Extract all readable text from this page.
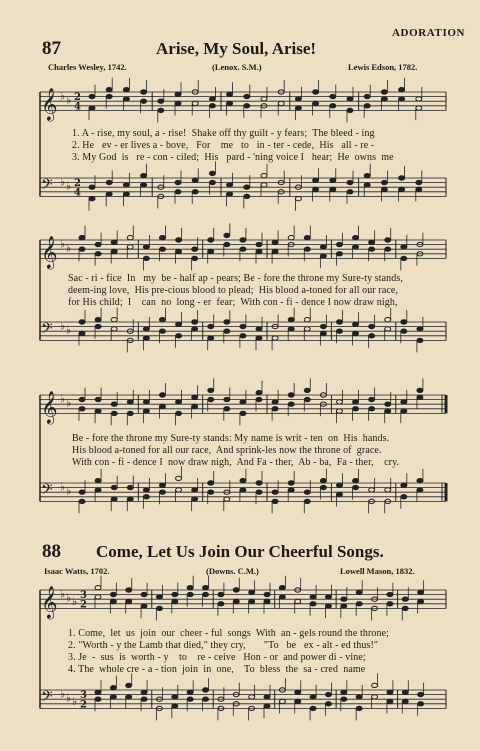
ADORATION
87	Arise, My Soul, Arise!
Charles Wesley, 1742.	(Lenox. S.M.)	Lewis Edson, 1782.
1. A - rise, my soul, a - rise!  Shake off thy guilt - y fears;  The bleed - ing
2. He   ev - er lives a - bove,   For    me   to   in - ter - cede,  His   all - re -
3. My God  is   re - con - ciled;  His   pard - 'ning voice I   hear;  He  owns  me
Sac - ri - fice  In   my  be - half ap - pears; Be - fore the throne my Sure-ty stands,
deem-ing love,  His pre-cious blood to plead;  His blood a-toned for all our race,
for His child;  I    can  no  long - er  fear;  With con - fi - dence I now draw nigh,
Be - fore the throne my Sure-ty stands: My name is writ - ten  on  His  hands.
His blood a-toned for all our race,  And sprink-les now the throne of  grace.
With con - fi - dence I  now draw nigh,  And Fa - ther,  Ab - ba,  Fa - ther,    cry.
88 Come, Let Us Join Our Cheerful Songs.
Isaac Watts, 1702.	(Downs. C.M.)	Lowell Mason, 1832.
1. Come,  let  us  join  our  cheer - ful  songs  With  an - gels round the throne;
2. "Worth - y the Lamb that died," they cry,       "To   be   ex - alt - ed thus!"
3. Je  -  sus  is  worth - y    to    re - ceive   Hon - or  and power di - vine;
4. The  whole cre - a - tion  join  in  one,    To  bless  the  sa - cred  name
𝄞 ♭ ♭ 2
4
𝄢 ♭ ♭ 2
4
𝄞 ♭ ♭
𝄢 ♭ ♭
𝄞 ♭ ♭
𝄢 ♭ ♭
𝄞 ♭ ♭ ♭ 3
2
𝄢 ♭ ♭ ♭ 3
2
